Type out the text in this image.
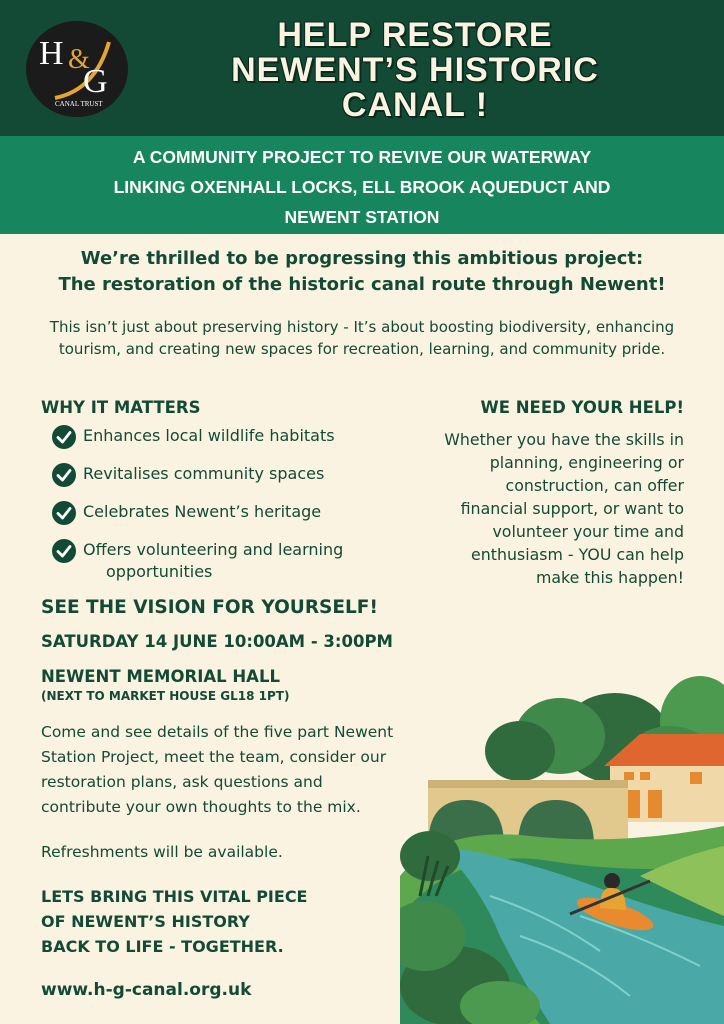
H &
G
CANAL TRUST
HELP RESTORE
NEWENT’S HISTORIC
CANAL !
A COMMUNITY PROJECT TO REVIVE OUR WATERWAY
LINKING OXENHALL LOCKS, ELL BROOK AQUEDUCT AND
NEWENT STATION
We’re thrilled to be progressing this ambitious project:
The restoration of the historic canal route through Newent!
This isn’t just about preserving history - It’s about boosting biodiversity, enhancing tourism, and creating new spaces for recreation, learning, and community pride.
WHY IT MATTERS
Enhances local wildlife habitats
Revitalises community spaces
Celebrates Newent’s heritage
Offers volunteering and learning
opportunities
WE NEED YOUR HELP!
Whether you have the skills in
planning, engineering or
construction, can offer
financial support, or want to
volunteer your time and
enthusiasm - YOU can help
make this happen!
SEE THE VISION FOR YOURSELF!
SATURDAY 14 JUNE 10:00AM - 3:00PM
NEWENT MEMORIAL HALL
(NEXT TO MARKET HOUSE GL18 1PT)
Come and see details of the five part Newent
Station Project, meet the team, consider our
restoration plans, ask questions and
contribute your own thoughts to the mix.
Refreshments will be available.
LETS BRING THIS VITAL PIECE
OF NEWENT’S HISTORY
BACK TO LIFE - TOGETHER.
www.h-g-canal.org.uk
